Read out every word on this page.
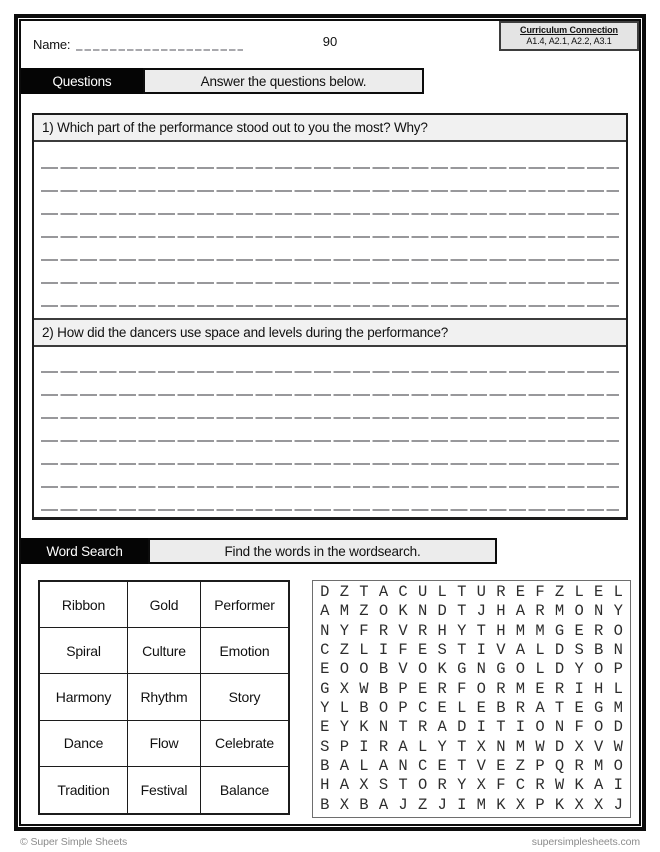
Name:	90
Curriculum Connection
A1.4, A2.1, A2.2, A3.1
Questions	Answer the questions below.
1) Which part of the performance stood out to you the most? Why?
2) How did the dancers use space and levels during the performance?
Word Search	Find the words in the wordsearch.
Ribbon	Gold	Performer
Spiral	Culture	Emotion
Harmony	Rhythm	Story
Dance	Flow	Celebrate
Tradition	Festival	Balance
D Z T A C U L T U R E F Z L E L
A M Z O K N D T J H A R M O N Y
N Y F R V R H Y T H M M G E R O
C Z L I F E S T I V A L D S B N
E O O B V O K G N G O L D Y O P
G X W B P E R F O R M E R I H L
Y L B O P C E L E B R A T E G M
E Y K N T R A D I T I O N F O D
S P I R A L Y T X N M W D X V W
B A L A N C E T V E Z P Q R M O
H A X S T O R Y X F C R W K A I
B X B A J Z J I M K X P K X X J
© Super Simple Sheets	supersimplesheets.com
